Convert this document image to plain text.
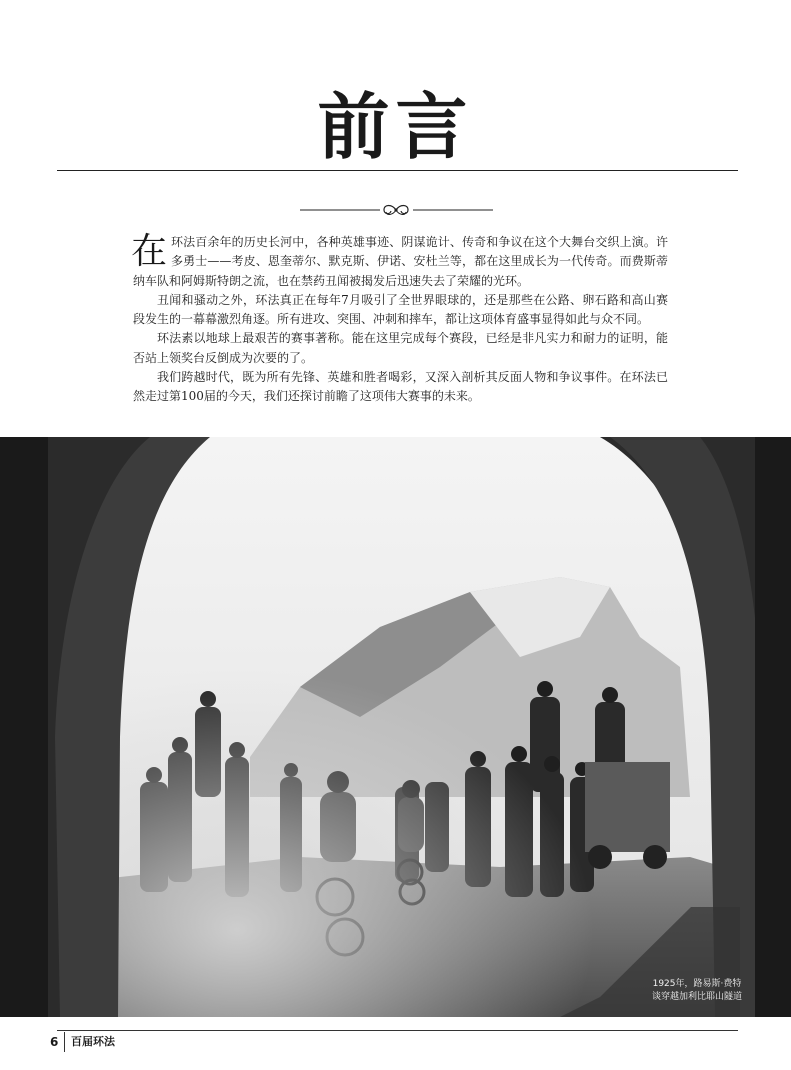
前言

在环法百余年的历史长河中，各种英雄事迹、阴谋诡计、传奇和争议在这个大舞台交织上演。许多勇士——考皮、恩奎蒂尔、默克斯、伊诺、安杜兰等，都在这里成长为一代传奇。而费斯蒂纳车队和阿姆斯特朗之流，也在禁药丑闻被揭发后迅速失去了荣耀的光环。

丑闻和骚动之外，环法真正在每年7月吸引了全世界眼球的，还是那些在公路、卵石路和高山赛段发生的一幕幕激烈角逐。所有进攻、突围、冲刺和摔车，都让这项体育盛事显得如此与众不同。

环法素以地球上最艰苦的赛事著称。能在这里完成每个赛段，已经是非凡实力和耐力的证明，能否站上领奖台反倒成为次要的了。

我们跨越时代，既为所有先锋、英雄和胜者喝彩，又深入剖析其反面人物和争议事件。在环法已然走过第100届的今天，我们还探讨前瞻了这项伟大赛事的未来。

1925年，路易斯·费特
谈穿越加利比耶山隧道
6	百届环法
